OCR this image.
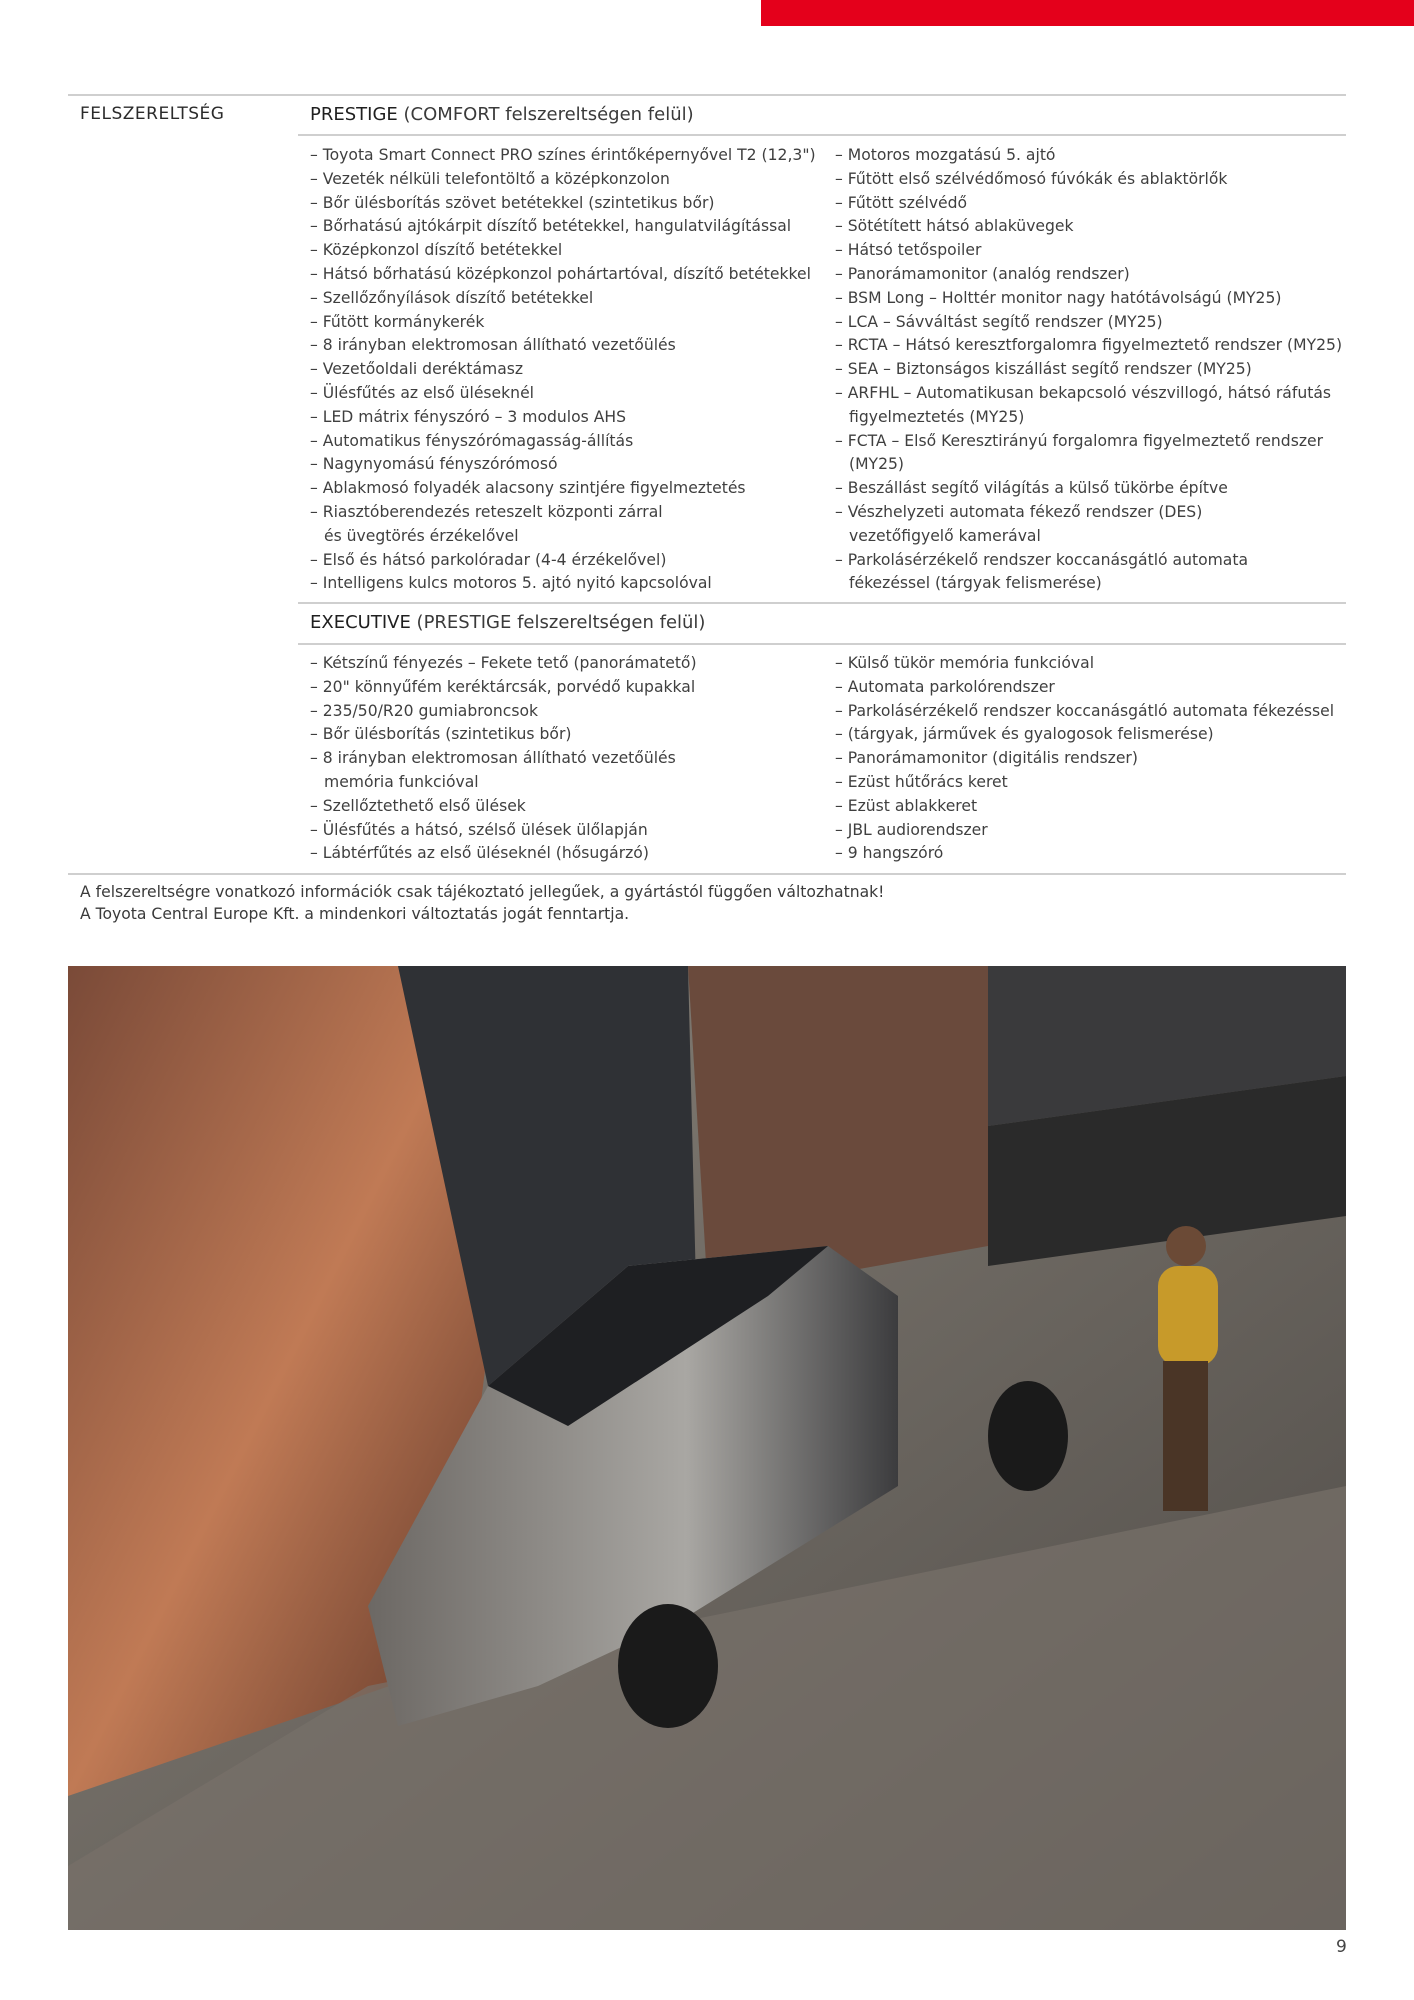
FELSZERELTSÉG	PRESTIGE (COMFORT felszereltségen felül)
– Toyota Smart Connect PRO színes érintőképernyővel T2 (12,3")
– Vezeték nélküli telefontöltő a középkonzolon
– Bőr ülésborítás szövet betétekkel (szintetikus bőr)
– Bőrhatású ajtókárpit díszítő betétekkel, hangulatvilágítással
– Középkonzol díszítő betétekkel
– Hátsó bőrhatású középkonzol pohártartóval, díszítő betétekkel
– Szellőzőnyílások díszítő betétekkel
– Fűtött kormánykerék
– 8 irányban elektromosan állítható vezetőülés
– Vezetőoldali deréktámasz
– Ülésfűtés az első üléseknél
– LED mátrix fényszóró – 3 modulos AHS
– Automatikus fényszórómagasság-állítás
– Nagynyomású fényszórómosó
– Ablakmosó folyadék alacsony szintjére figyelmeztetés
– Riasztóberendezés reteszelt központi zárral
és üvegtörés érzékelővel
– Első és hátsó parkolóradar (4-4 érzékelővel)
– Intelligens kulcs motoros 5. ajtó nyitó kapcsolóval
– Motoros mozgatású 5. ajtó
– Fűtött első szélvédőmosó fúvókák és ablaktörlők
– Fűtött szélvédő
– Sötétített hátsó ablaküvegek
– Hátsó tetőspoiler
– Panorámamonitor (analóg rendszer)
– BSM Long – Holttér monitor nagy hatótávolságú (MY25)
– LCA – Sávváltást segítő rendszer (MY25)
– RCTA – Hátsó keresztforgalomra figyelmeztető rendszer (MY25)
– SEA – Biztonságos kiszállást segítő rendszer (MY25)
– ARFHL – Automatikusan bekapcsoló vészvillogó, hátsó ráfutás
figyelmeztetés (MY25)
– FCTA – Első Keresztirányú forgalomra figyelmeztető rendszer
(MY25)
– Beszállást segítő világítás a külső tükörbe építve
– Vészhelyzeti automata fékező rendszer (DES)
vezetőfigyelő kamerával
– Parkolásérzékelő rendszer koccanásgátló automata
fékezéssel (tárgyak felismerése)
EXECUTIVE (PRESTIGE felszereltségen felül)
– Kétszínű fényezés – Fekete tető (panorámatető)
– 20" könnyűfém keréktárcsák, porvédő kupakkal
– 235/50/R20 gumiabroncsok
– Bőr ülésborítás (szintetikus bőr)
– 8 irányban elektromosan állítható vezetőülés
memória funkcióval
– Szellőztethető első ülések
– Ülésfűtés a hátsó, szélső ülések ülőlapján
– Lábtérfűtés az első üléseknél (hősugárzó)
– Külső tükör memória funkcióval
– Automata parkolórendszer
– Parkolásérzékelő rendszer koccanásgátló automata fékezéssel
– (tárgyak, járművek és gyalogosok felismerése)
– Panorámamonitor (digitális rendszer)
– Ezüst hűtőrács keret
– Ezüst ablakkeret
– JBL audiorendszer
– 9 hangszóró
A felszereltségre vonatkozó információk csak tájékoztató jellegűek, a gyártástól függően változhatnak!
A Toyota Central Europe Kft. a mindenkori változtatás jogát fenntartja.
9
